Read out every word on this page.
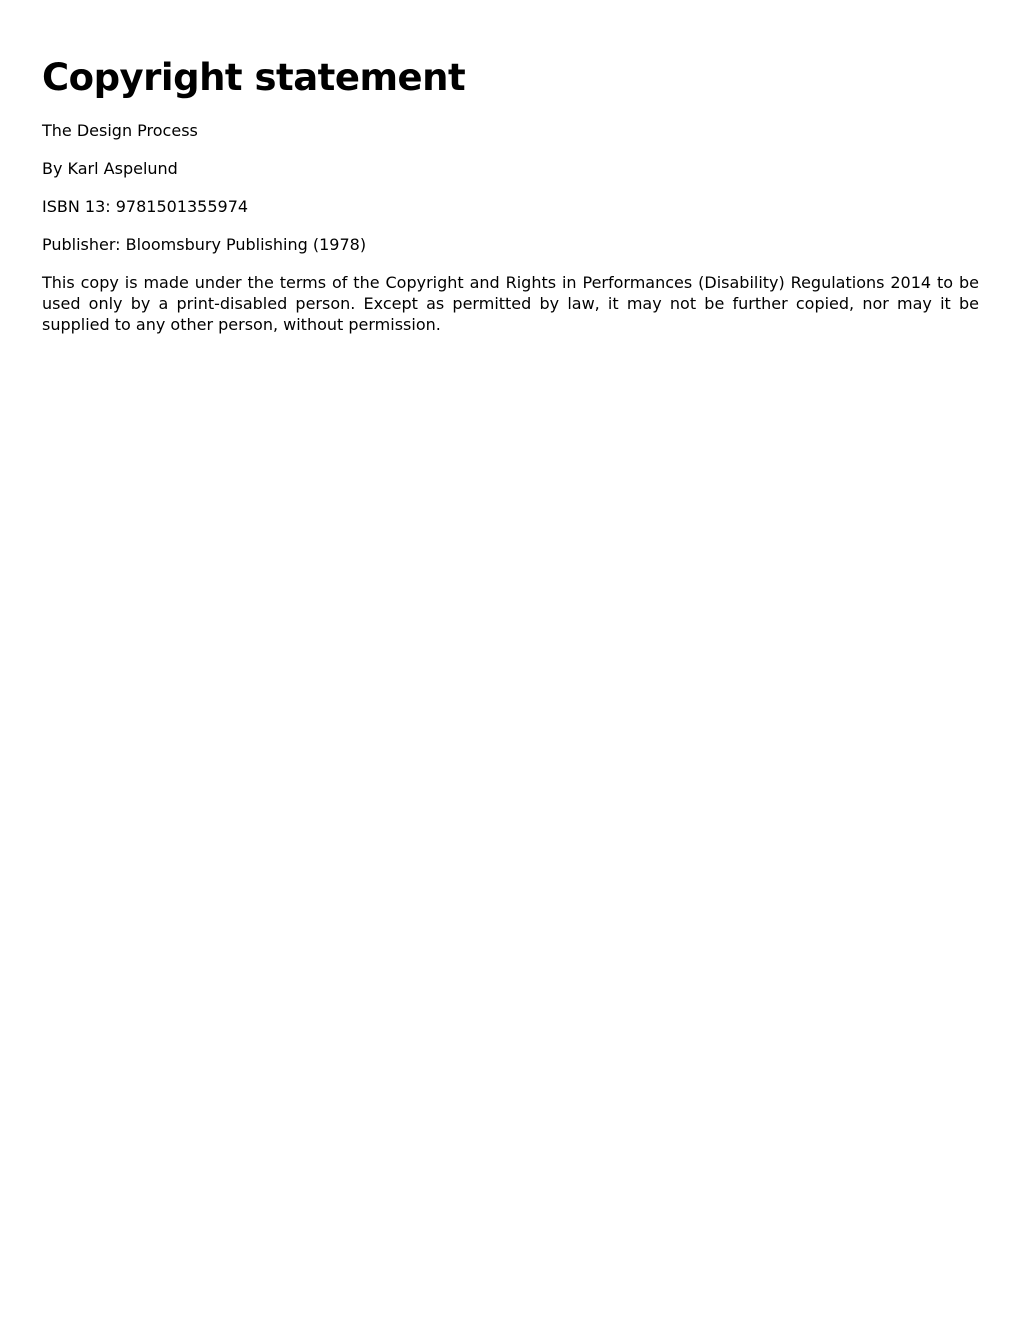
Copyright statement

The Design Process

By Karl Aspelund

ISBN 13: 9781501355974

Publisher: Bloomsbury Publishing (1978)

This copy is made under the terms of the Copyright and Rights in Performances (Disability) Regulations 2014 to be used only by a print-disabled person. Except as permitted by law, it may not be further copied, nor may it be supplied to any other person, without permission.
